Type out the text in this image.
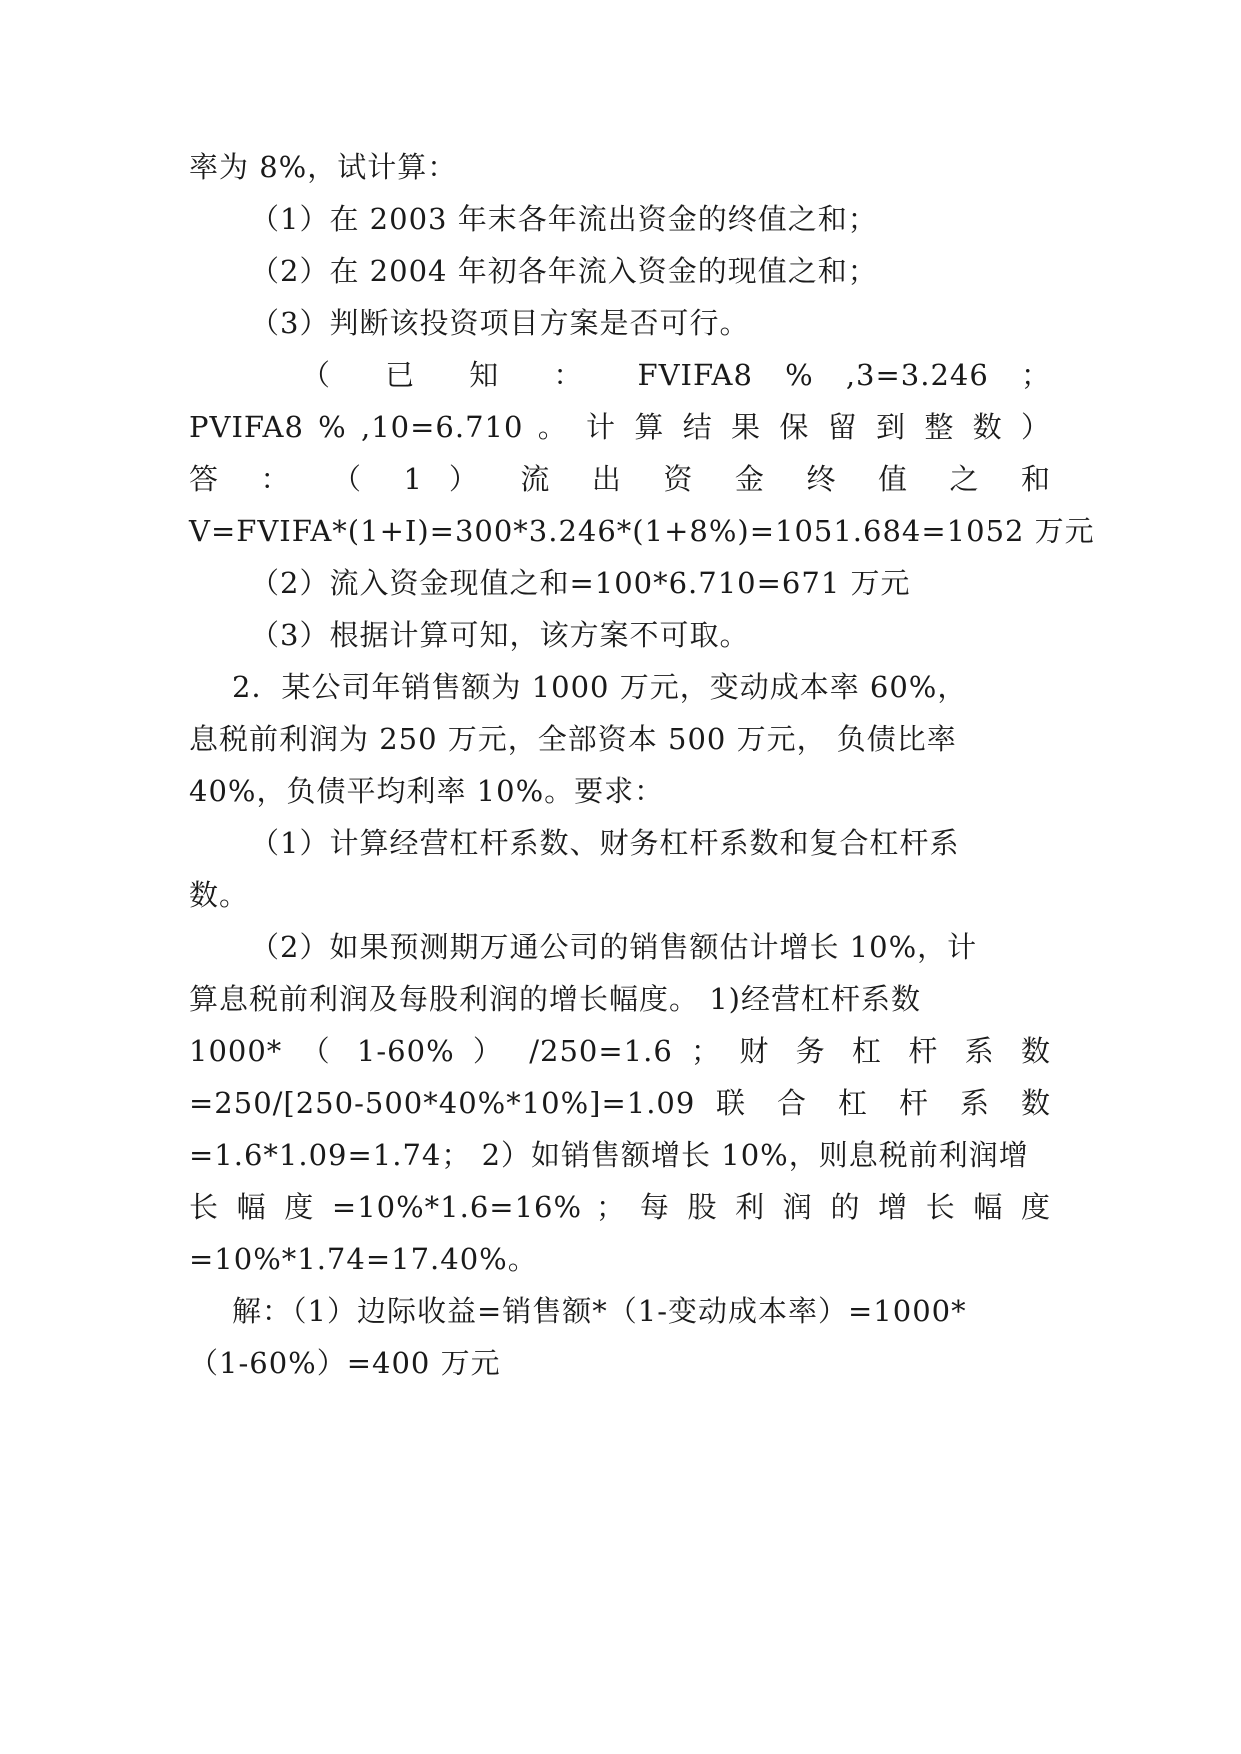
率为 8%，试计算：
（1）在 2003 年末各年流出资金的终值之和；
（2）在 2004 年初各年流入资金的现值之和；
（3）判断该投资项目方案是否可行。
（ 已 知 ： FVIFA8 % ,3=3.246 ；
PVIFA8 % ,10=6.710 。 计 算 结 果 保 留 到 整 数 ）
答 ： （ 1 ） 流 出 资 金 终 值 之 和
V=FVIFA*(1+I)=300*3.246*(1+8%)=1051.684=1052 万元
（2）流入资金现值之和=100*6.710=671 万元
（3）根据计算可知，该方案不可取。
2．某公司年销售额为 1000 万元，变动成本率 60%，
息税前利润为 250 万元，全部资本 500 万元， 负债比率
40%，负债平均利率 10%。要求：
（1）计算经营杠杆系数、财务杠杆系数和复合杠杆系
数。
（2）如果预测期万通公司的销售额估计增长 10%，计
算息税前利润及每股利润的增长幅度。 1)经营杠杆系数
1000* （ 1-60% ） /250=1.6 ； 财 务 杠 杆 系 数
=250/[250-500*40%*10%]=1.09 联 合 杠 杆 系 数
=1.6*1.09=1.74； 2）如销售额增长 10%，则息税前利润增
长 幅 度 =10%*1.6=16% ； 每 股 利 润 的 增 长 幅 度
=10%*1.74=17.40%。
解：（1）边际收益=销售额*（1-变动成本率）=1000*
（1-60%）=400 万元
